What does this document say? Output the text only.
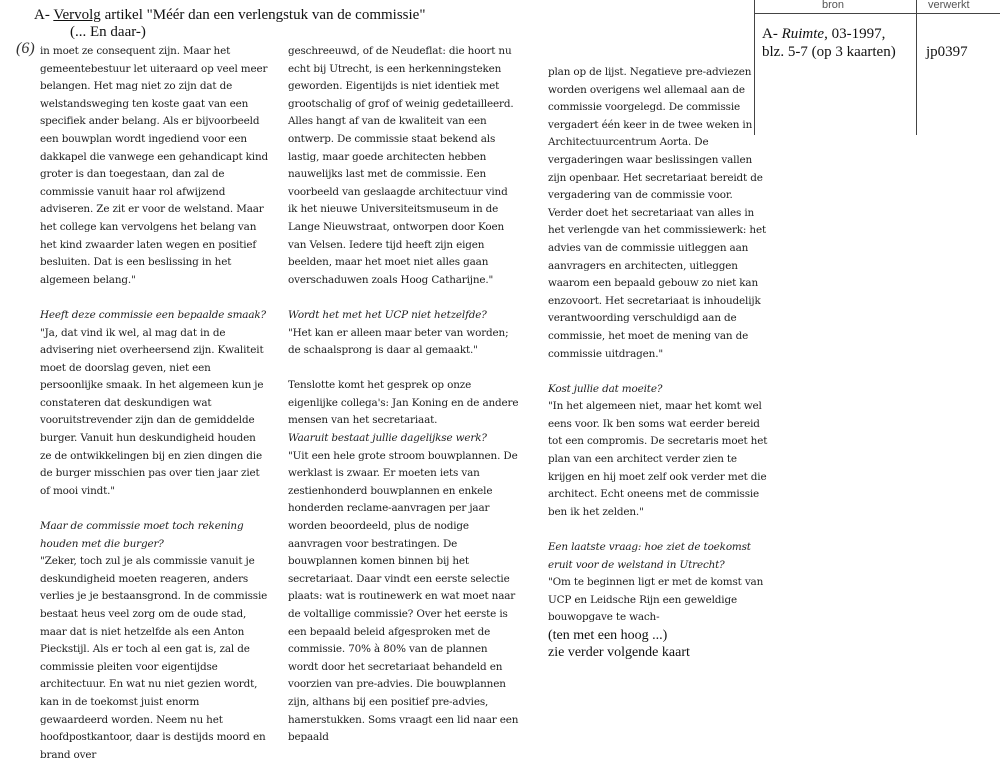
A- Vervolg artikel "Méér dan een verlengstuk van de commissie"
(... En daar-)
(6)
bron	verwerkt
A- Ruimte, 03-1997,
blz. 5-7 (op 3 kaarten)	jp0397

in moet ze consequent zijn. Maar het gemeentebestuur let uiteraard op veel meer belangen. Het mag niet zo zijn dat de welstandsweging ten koste gaat van een specifiek ander belang. Als er bijvoorbeeld een bouwplan wordt ingediend voor een dakkapel die vanwege een gehandicapt kind groter is dan toegestaan, dan zal de commissie vanuit haar rol afwijzend adviseren. Ze zit er voor de welstand. Maar het college kan vervolgens het belang van het kind zwaarder laten wegen en positief besluiten. Dat is een beslissing in het algemeen belang."

Heeft deze commissie een bepaalde smaak?

"Ja, dat vind ik wel, al mag dat in de advisering niet overheersend zijn. Kwaliteit moet de doorslag geven, niet een persoonlijke smaak. In het algemeen kun je constateren dat deskundigen wat vooruitstrevender zijn dan de gemiddelde burger. Vanuit hun deskundigheid houden ze de ontwikkelingen bij en zien dingen die de burger misschien pas over tien jaar ziet of mooi vindt."

Maar de commissie moet toch rekening houden met die burger?

"Zeker, toch zul je als commissie vanuit je deskundigheid moeten reageren, anders verlies je je bestaansgrond. In de commissie bestaat heus veel zorg om de oude stad, maar dat is niet hetzelfde als een Anton Pieckstijl. Als er toch al een gat is, zal de commissie pleiten voor eigentijdse architectuur. En wat nu niet gezien wordt, kan in de toekomst juist enorm gewaardeerd worden. Neem nu het hoofdpostkantoor, daar is destijds moord en brand over

geschreeuwd, of de Neudeflat: die hoort nu echt bij Utrecht, is een herkenningsteken geworden. Eigentijds is niet identiek met grootschalig of grof of weinig gedetailleerd. Alles hangt af van de kwaliteit van een ontwerp. De commissie staat bekend als lastig, maar goede architecten hebben nauwelijks last met de commissie. Een voorbeeld van geslaagde architectuur vind ik het nieuwe Universiteitsmuseum in de Lange Nieuwstraat, ontworpen door Koen van Velsen. Iedere tijd heeft zijn eigen beelden, maar het moet niet alles gaan overschaduwen zoals Hoog Catharijne."

Wordt het met het UCP niet hetzelfde?

"Het kan er alleen maar beter van worden; de schaalsprong is daar al gemaakt."

Tenslotte komt het gesprek op onze eigenlijke collega's: Jan Koning en de andere mensen van het secretariaat.

Waaruit bestaat jullie dagelijkse werk?

"Uit een hele grote stroom bouwplannen. De werklast is zwaar. Er moeten iets van zestienhonderd bouwplannen en enkele honderden reclame-aanvragen per jaar worden beoordeeld, plus de nodige aanvragen voor bestratingen. De bouwplannen komen binnen bij het secretariaat. Daar vindt een eerste selectie plaats: wat is routinewerk en wat moet naar de voltallige commissie? Over het eerste is een bepaald beleid afgesproken met de commissie. 70% à 80% van de plannen wordt door het secretariaat behandeld en voorzien van pre-advies. Die bouwplannen zijn, althans bij een positief pre-advies, hamerstukken. Soms vraagt een lid naar een bepaald

plan op de lijst. Negatieve pre-adviezen worden overigens wel allemaal aan de commissie voorgelegd. De commissie vergadert één keer in de twee weken in Architectuurcentrum Aorta. De vergaderingen waar beslissingen vallen zijn openbaar. Het secretariaat bereidt de vergadering van de commissie voor. Verder doet het secretariaat van alles in het verlengde van het commissiewerk: het advies van de commissie uitleggen aan aanvragers en architecten, uitleggen waarom een bepaald gebouw zo niet kan enzovoort. Het secretariaat is inhoudelijk verantwoording verschuldigd aan de commissie, het moet de mening van de commissie uitdragen."

Kost jullie dat moeite?

"In het algemeen niet, maar het komt wel eens voor. Ik ben soms wat eerder bereid tot een compromis. De secretaris moet het plan van een architect verder zien te krijgen en hij moet zelf ook verder met die architect. Echt oneens met de commissie ben ik het zelden."

Een laatste vraag: hoe ziet de toekomst eruit voor de welstand in Utrecht?

"Om te beginnen ligt er met de komst van UCP en Leidsche Rijn een geweldige bouwopgave te wach-

(ten met een hoog ...)

zie verder volgende kaart
